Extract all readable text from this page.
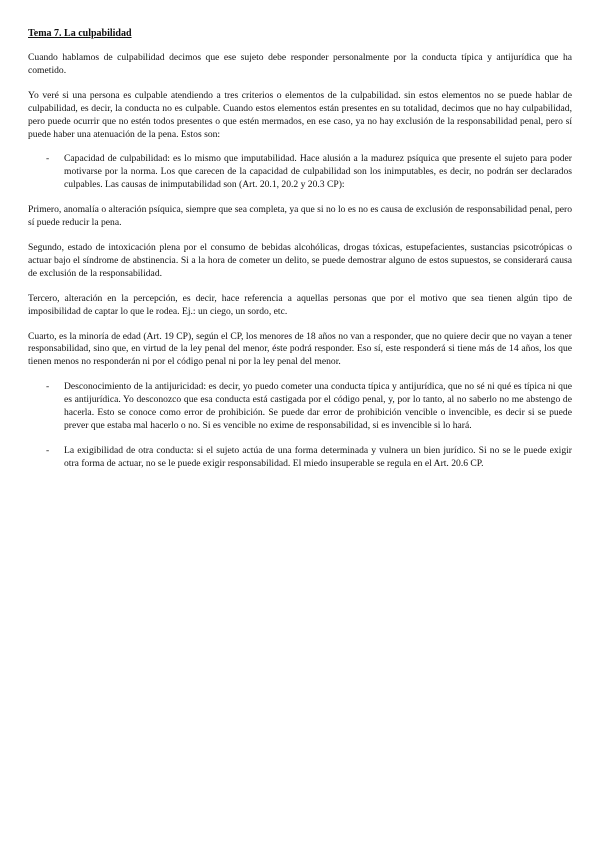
Tema 7. La culpabilidad

Cuando hablamos de culpabilidad decimos que ese sujeto debe responder personalmente por la conducta típica y antijurídica que ha cometido.

Yo veré si una persona es culpable atendiendo a tres criterios o elementos de la culpabilidad. sin estos elementos no se puede hablar de culpabilidad, es decir, la conducta no es culpable. Cuando estos elementos están presentes en su totalidad, decimos que no hay culpabilidad, pero puede ocurrir que no estén todos presentes o que estén mermados, en ese caso, ya no hay exclusión de la responsabilidad penal, pero sí puede haber una atenuación de la pena. Estos son:

- Capacidad de culpabilidad: es lo mismo que imputabilidad. Hace alusión a la madurez psíquica que presente el sujeto para poder motivarse por la norma. Los que carecen de la capacidad de culpabilidad son los inimputables, es decir, no podrán ser declarados culpables. Las causas de inimputabilidad son (Art. 20.1, 20.2 y 20.3 CP):

Primero, anomalía o alteración psíquica, siempre que sea completa, ya que si no lo es no es causa de exclusión de responsabilidad penal, pero sí puede reducir la pena.

Segundo, estado de intoxicación plena por el consumo de bebidas alcohólicas, drogas tóxicas, estupefacientes, sustancias psicotrópicas o actuar bajo el síndrome de abstinencia. Si a la hora de cometer un delito, se puede demostrar alguno de estos supuestos, se considerará causa de exclusión de la responsabilidad.

Tercero, alteración en la percepción, es decir, hace referencia a aquellas personas que por el motivo que sea tienen algún tipo de imposibilidad de captar lo que le rodea. Ej.: un ciego, un sordo, etc.

Cuarto, es la minoría de edad (Art. 19 CP), según el CP, los menores de 18 años no van a responder, que no quiere decir que no vayan a tener responsabilidad, sino que, en virtud de la ley penal del menor, éste podrá responder. Eso sí, este responderá si tiene más de 14 años, los que tienen menos no responderán ni por el código penal ni por la ley penal del menor.

- Desconocimiento de la antijuricidad: es decir, yo puedo cometer una conducta típica y antijurídica, que no sé ni qué es típica ni que es antijurídica. Yo desconozco que esa conducta está castigada por el código penal, y, por lo tanto, al no saberlo no me abstengo de hacerla. Esto se conoce como error de prohibición. Se puede dar error de prohibición vencible o invencible, es decir si se puede prever que estaba mal hacerlo o no. Si es vencible no exime de responsabilidad, si es invencible si lo hará.
- La exigibilidad de otra conducta: si el sujeto actúa de una forma determinada y vulnera un bien jurídico. Si no se le puede exigir otra forma de actuar, no se le puede exigir responsabilidad. El miedo insuperable se regula en el Art. 20.6 CP.
